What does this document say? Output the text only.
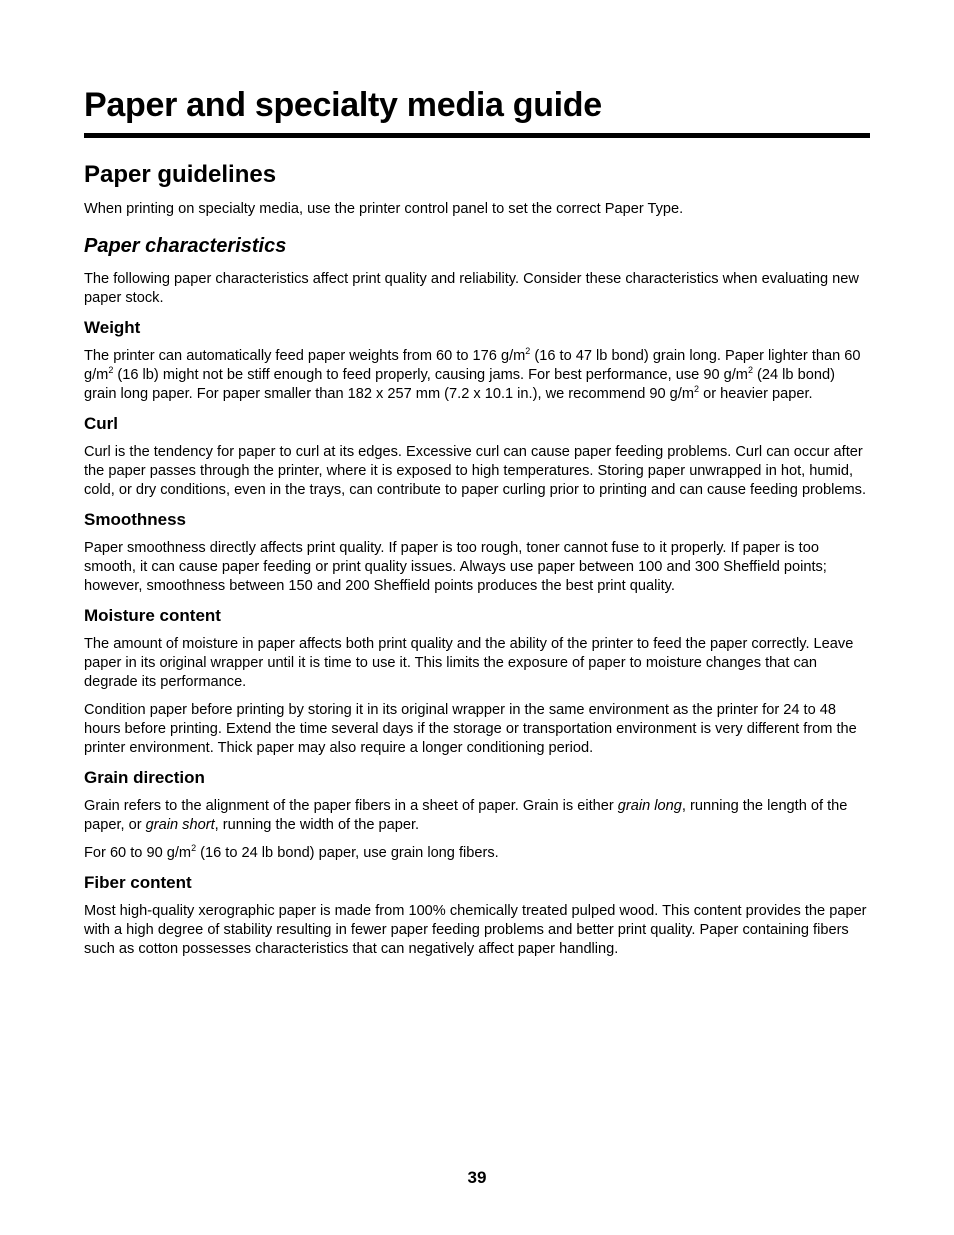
Paper and specialty media guide
Paper guidelines

When printing on specialty media, use the printer control panel to set the correct Paper Type.

Paper characteristics

The following paper characteristics affect print quality and reliability. Consider these characteristics when evaluating new paper stock.

Weight

The printer can automatically feed paper weights from 60 to 176 $g/m^2$ (16 to 47 lb bond) grain long. Paper lighter than 60 $g/m^2$ (16 lb) might not be stiff enough to feed properly, causing jams. For best performance, use 90 $g/m^2$ (24 lb bond) grain long paper. For paper smaller than 182 x 257 mm (7.2 x 10.1 in.), we recommend 90 $g/m^2$ or heavier paper.

Curl

Curl is the tendency for paper to curl at its edges. Excessive curl can cause paper feeding problems. Curl can occur after the paper passes through the printer, where it is exposed to high temperatures. Storing paper unwrapped in hot, humid, cold, or dry conditions, even in the trays, can contribute to paper curling prior to printing and can cause feeding problems.

Smoothness

Paper smoothness directly affects print quality. If paper is too rough, toner cannot fuse to it properly. If paper is too smooth, it can cause paper feeding or print quality issues. Always use paper between 100 and 300 Sheffield points; however, smoothness between 150 and 200 Sheffield points produces the best print quality.

Moisture content

The amount of moisture in paper affects both print quality and the ability of the printer to feed the paper correctly. Leave paper in its original wrapper until it is time to use it. This limits the exposure of paper to moisture changes that can degrade its performance.

Condition paper before printing by storing it in its original wrapper in the same environment as the printer for 24 to 48 hours before printing. Extend the time several days if the storage or transportation environment is very different from the printer environment. Thick paper may also require a longer conditioning period.

Grain direction

Grain refers to the alignment of the paper fibers in a sheet of paper. Grain is either grain long, running the length of the paper, or grain short, running the width of the paper.

For 60 to 90 $g/m^2$ (16 to 24 lb bond) paper, use grain long fibers.

Fiber content

Most high-quality xerographic paper is made from 100% chemically treated pulped wood. This content provides the paper with a high degree of stability resulting in fewer paper feeding problems and better print quality. Paper containing fibers such as cotton possesses characteristics that can negatively affect paper handling.

39
